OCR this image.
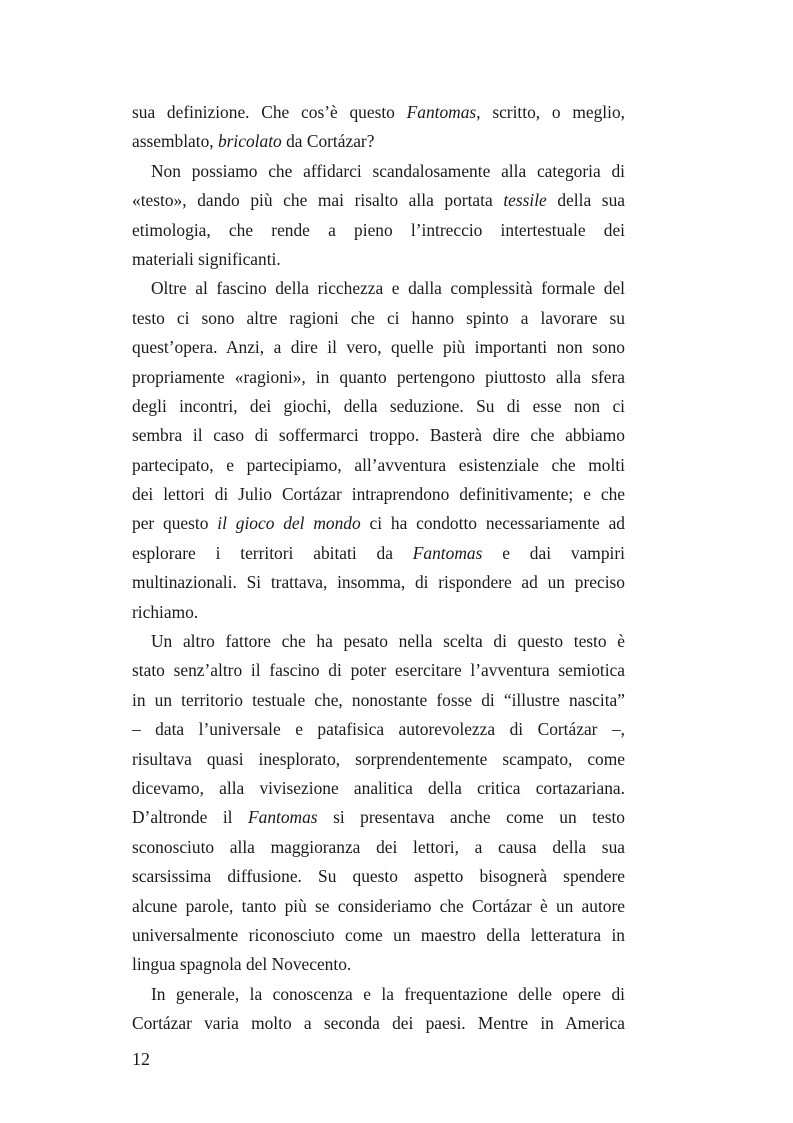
sua definizione. Che cos’è questo Fantomas, scritto, o meglio,
assemblato, bricolato da Cortázar?
Non possiamo che affidarci scandalosamente alla categoria di
«testo», dando più che mai risalto alla portata tessile della sua
etimologia, che rende a pieno l’intreccio intertestuale dei
materiali significanti.
Oltre al fascino della ricchezza e dalla complessità formale del
testo ci sono altre ragioni che ci hanno spinto a lavorare su
quest’opera. Anzi, a dire il vero, quelle più importanti non sono
propriamente «ragioni», in quanto pertengono piuttosto alla sfera
degli incontri, dei giochi, della seduzione. Su di esse non ci
sembra il caso di soffermarci troppo. Basterà dire che abbiamo
partecipato, e partecipiamo, all’avventura esistenziale che molti
dei lettori di Julio Cortázar intraprendono definitivamente; e che
per questo il gioco del mondo ci ha condotto necessariamente ad
esplorare i territori abitati da Fantomas e dai vampiri
multinazionali. Si trattava, insomma, di rispondere ad un preciso
richiamo.
Un altro fattore che ha pesato nella scelta di questo testo è
stato senz’altro il fascino di poter esercitare l’avventura semiotica
in un territorio testuale che, nonostante fosse di “illustre nascita”
– data l’universale e patafisica autorevolezza di Cortázar –,
risultava quasi inesplorato, sorprendentemente scampato, come
dicevamo, alla vivisezione analitica della critica cortazariana.
D’altronde il Fantomas si presentava anche come un testo
sconosciuto alla maggioranza dei lettori, a causa della sua
scarsissima diffusione. Su questo aspetto bisognerà spendere
alcune parole, tanto più se consideriamo che Cortázar è un autore
universalmente riconosciuto come un maestro della letteratura in
lingua spagnola del Novecento.
In generale, la conoscenza e la frequentazione delle opere di
Cortázar varia molto a seconda dei paesi. Mentre in America
12
